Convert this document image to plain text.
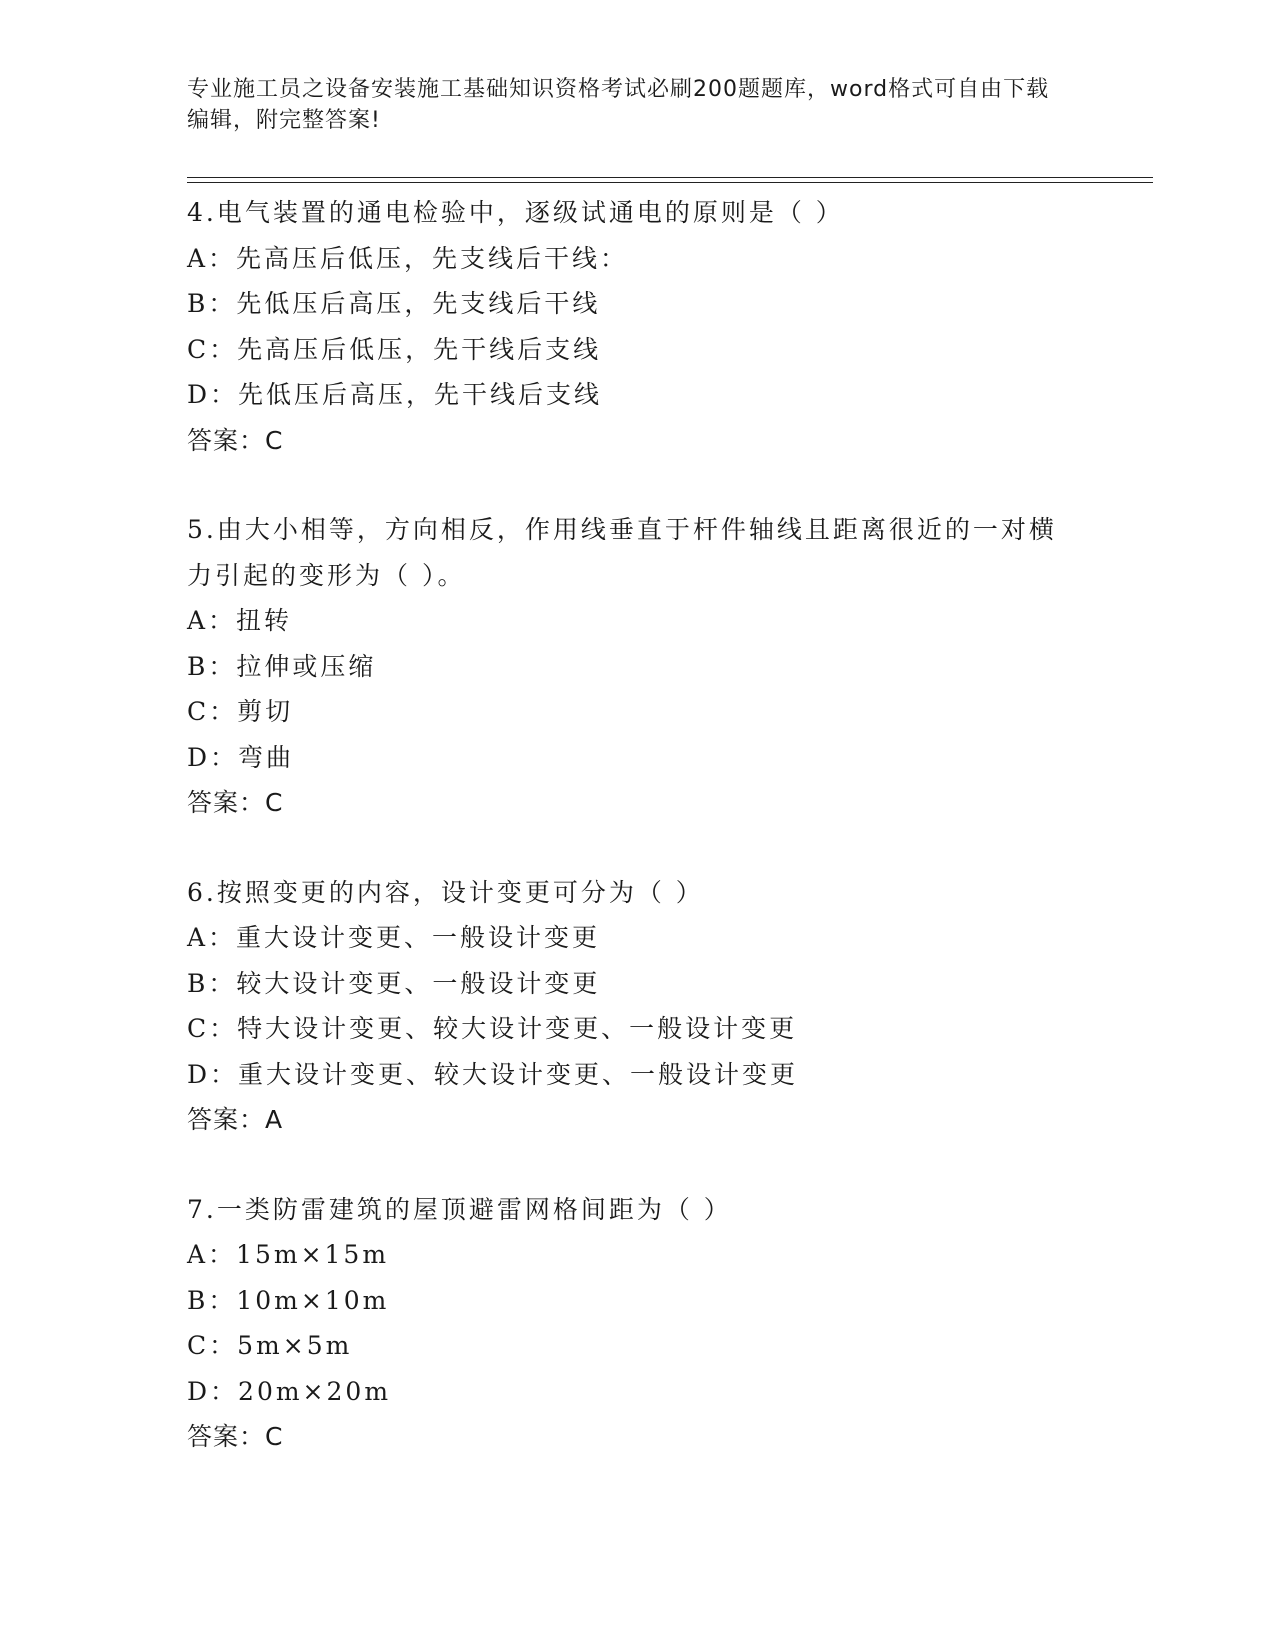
专业施工员之设备安装施工基础知识资格考试必刷200题题库，word格式可自由下载编辑，附完整答案!

4.电气装置的通电检验中，逐级试通电的原则是（ ）

A：先高压后低压，先支线后干线：

B：先低压后高压，先支线后干线

C：先高压后低压，先干线后支线

D：先低压后高压，先干线后支线

答案：C

5.由大小相等，方向相反，作用线垂直于杆件轴线且距离很近的一对横力引起的变形为（ ）。

A：扭转

B：拉伸或压缩

C：剪切

D：弯曲

答案：C

6.按照变更的内容，设计变更可分为（ ）

A：重大设计变更、一般设计变更

B：较大设计变更、一般设计变更

C：特大设计变更、较大设计变更、一般设计变更

D：重大设计变更、较大设计变更、一般设计变更

答案：A

7.一类防雷建筑的屋顶避雷网格间距为（ ）

A：15m×15m

B：10m×10m

C：5m×5m

D：20m×20m

答案：C
